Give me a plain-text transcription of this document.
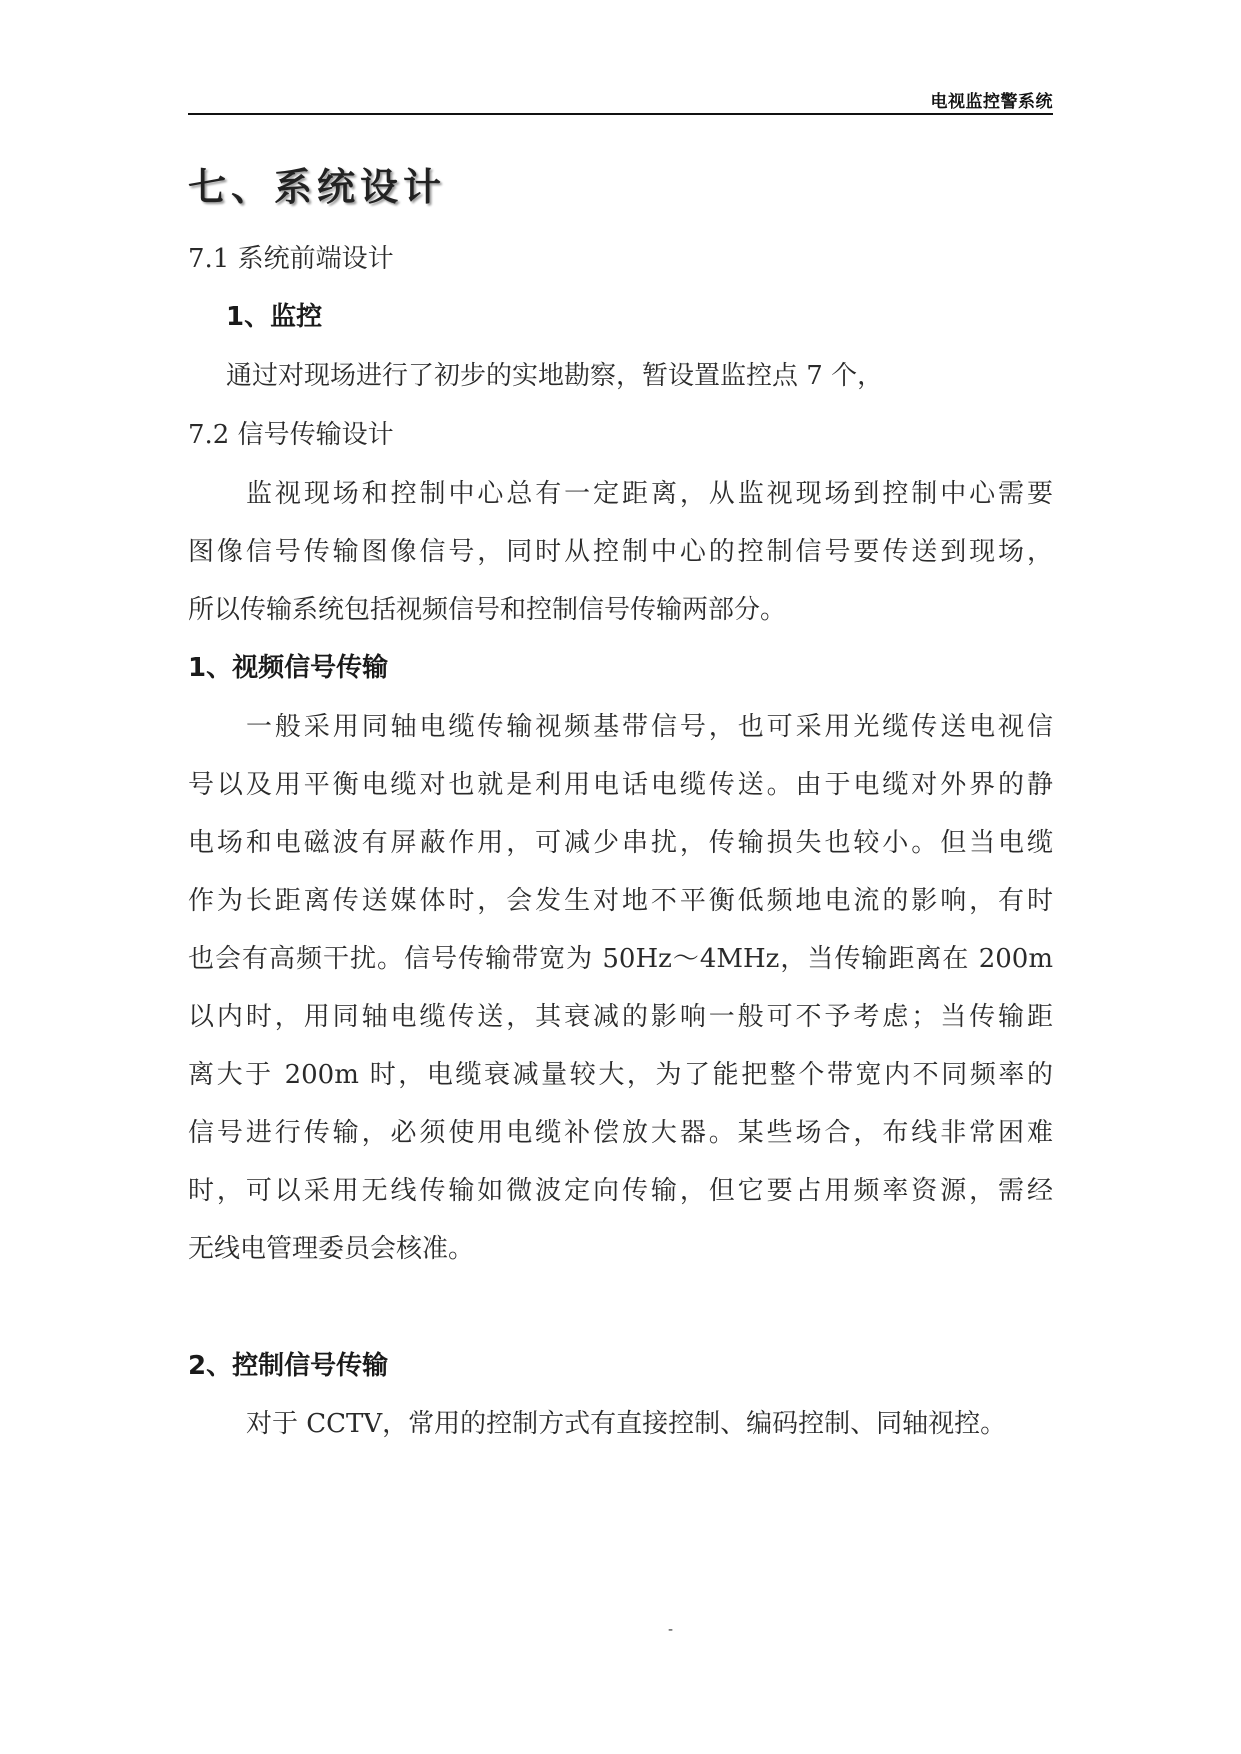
电视监控警系统
七、系统设计
7.1 系统前端设计
1、监控
通过对现场进行了初步的实地勘察，暂设置监控点 7 个，
7.2 信号传输设计
监视现场和控制中心总有一定距离，从监视现场到控制中心需要
图像信号传输图像信号，同时从控制中心的控制信号要传送到现场，
所以传输系统包括视频信号和控制信号传输两部分。
1、视频信号传输
一般采用同轴电缆传输视频基带信号，也可采用光缆传送电视信
号以及用平衡电缆对也就是利用电话电缆传送。由于电缆对外界的静
电场和电磁波有屏蔽作用，可减少串扰，传输损失也较小。但当电缆
作为长距离传送媒体时，会发生对地不平衡低频地电流的影响，有时
也会有高频干扰。信号传输带宽为 50Hz～4MHz，当传输距离在 200m
以内时，用同轴电缆传送，其衰减的影响一般可不予考虑；当传输距
离大于 200m 时，电缆衰减量较大，为了能把整个带宽内不同频率的
信号进行传输，必须使用电缆补偿放大器。某些场合，布线非常困难
时，可以采用无线传输如微波定向传输，但它要占用频率资源，需经
无线电管理委员会核准。
2、控制信号传输
对于 CCTV，常用的控制方式有直接控制、编码控制、同轴视控。
-
